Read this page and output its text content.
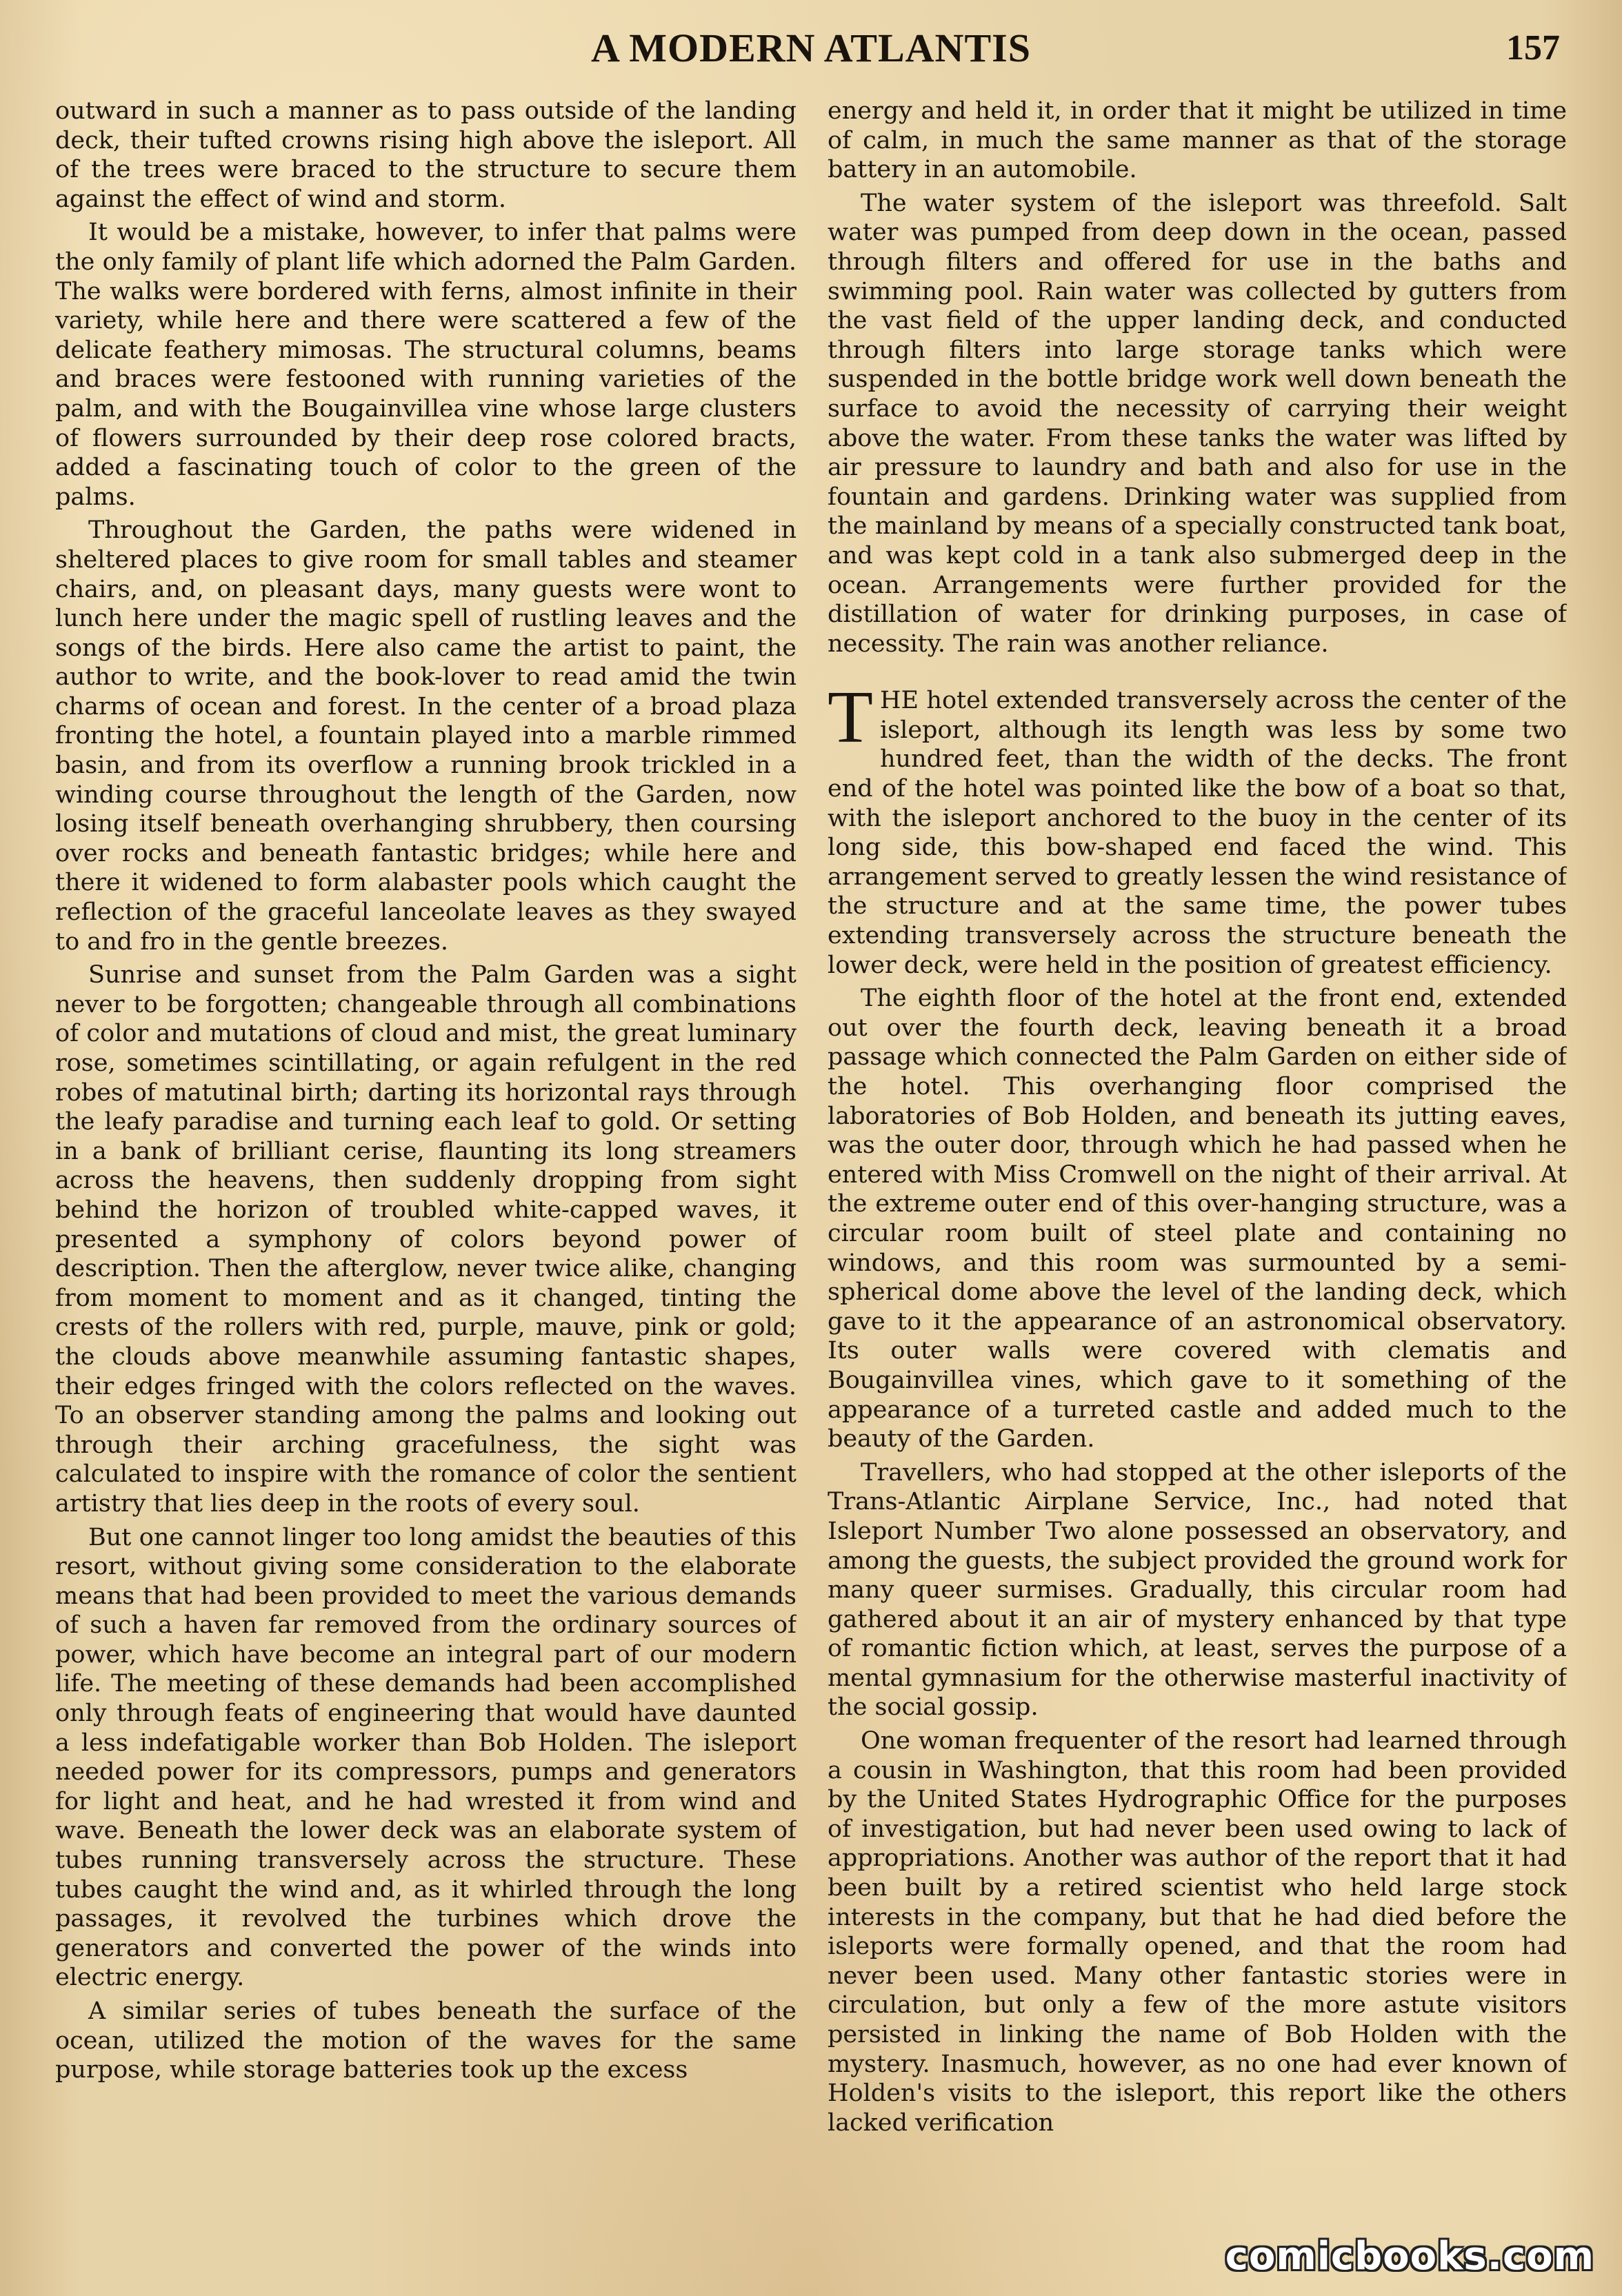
A MODERN ATLANTIS	157

outward in such a manner as to pass outside of the landing deck, their tufted crowns rising high above the isleport. All of the trees were braced to the structure to secure them against the effect of wind and storm.

It would be a mistake, however, to infer that palms were the only family of plant life which adorned the Palm Garden. The walks were bordered with ferns, almost infinite in their variety, while here and there were scattered a few of the delicate feathery mimosas. The structural columns, beams and braces were festooned with running varieties of the palm, and with the Bougainvillea vine whose large clusters of flowers surrounded by their deep rose colored bracts, added a fascinating touch of color to the green of the palms.

Throughout the Garden, the paths were widened in sheltered places to give room for small tables and steamer chairs, and, on pleasant days, many guests were wont to lunch here under the magic spell of rustling leaves and the songs of the birds. Here also came the artist to paint, the author to write, and the book-lover to read amid the twin charms of ocean and forest. In the center of a broad plaza fronting the hotel, a fountain played into a marble rimmed basin, and from its overflow a running brook trickled in a winding course throughout the length of the Garden, now losing itself beneath overhanging shrubbery, then coursing over rocks and beneath fantastic bridges; while here and there it widened to form alabaster pools which caught the reflection of the graceful lanceolate leaves as they swayed to and fro in the gentle breezes.

Sunrise and sunset from the Palm Garden was a sight never to be forgotten; changeable through all combinations of color and mutations of cloud and mist, the great luminary rose, sometimes scintillating, or again refulgent in the red robes of matutinal birth; darting its horizontal rays through the leafy paradise and turning each leaf to gold. Or setting in a bank of brilliant cerise, flaunting its long streamers across the heavens, then suddenly dropping from sight behind the horizon of troubled white-capped waves, it presented a symphony of colors beyond power of description. Then the afterglow, never twice alike, changing from moment to moment and as it changed, tinting the crests of the rollers with red, purple, mauve, pink or gold; the clouds above meanwhile assuming fantastic shapes, their edges fringed with the colors reflected on the waves. To an observer standing among the palms and looking out through their arching gracefulness, the sight was calculated to inspire with the romance of color the sentient artistry that lies deep in the roots of every soul.

But one cannot linger too long amidst the beauties of this resort, without giving some consideration to the elaborate means that had been provided to meet the various demands of such a haven far removed from the ordinary sources of power, which have become an integral part of our modern life. The meeting of these demands had been accomplished only through feats of engineering that would have daunted a less indefatigable worker than Bob Holden. The isleport needed power for its compressors, pumps and generators for light and heat, and he had wrested it from wind and wave. Beneath the lower deck was an elaborate system of tubes running transversely across the structure. These tubes caught the wind and, as it whirled through the long passages, it revolved the turbines which drove the generators and converted the power of the winds into electric energy.

A similar series of tubes beneath the surface of the ocean, utilized the motion of the waves for the same purpose, while storage batteries took up the excess

energy and held it, in order that it might be utilized in time of calm, in much the same manner as that of the storage battery in an automobile.

The water system of the isleport was threefold. Salt water was pumped from deep down in the ocean, passed through filters and offered for use in the baths and swimming pool. Rain water was collected by gutters from the vast field of the upper landing deck, and conducted through filters into large storage tanks which were suspended in the bottle bridge work well down beneath the surface to avoid the necessity of carrying their weight above the water. From these tanks the water was lifted by air pressure to laundry and bath and also for use in the fountain and gardens. Drinking water was supplied from the mainland by means of a specially constructed tank boat, and was kept cold in a tank also submerged deep in the ocean. Arrangements were further provided for the distillation of water for drinking purposes, in case of necessity. The rain was another reliance.

THE hotel extended transversely across the center of the isleport, although its length was less by some two hundred feet, than the width of the decks. The front end of the hotel was pointed like the bow of a boat so that, with the isleport anchored to the buoy in the center of its long side, this bow-shaped end faced the wind. This arrangement served to greatly lessen the wind resistance of the structure and at the same time, the power tubes extending transversely across the structure beneath the lower deck, were held in the position of greatest efficiency.

The eighth floor of the hotel at the front end, extended out over the fourth deck, leaving beneath it a broad passage which connected the Palm Garden on either side of the hotel. This overhanging floor comprised the laboratories of Bob Holden, and beneath its jutting eaves, was the outer door, through which he had passed when he entered with Miss Cromwell on the night of their arrival. At the extreme outer end of this over-hanging structure, was a circular room built of steel plate and containing no windows, and this room was surmounted by a semi-spherical dome above the level of the landing deck, which gave to it the appearance of an astronomical observatory. Its outer walls were covered with clematis and Bougainvillea vines, which gave to it something of the appearance of a turreted castle and added much to the beauty of the Garden.

Travellers, who had stopped at the other isleports of the Trans-Atlantic Airplane Service, Inc., had noted that Isleport Number Two alone possessed an observatory, and among the guests, the subject provided the ground work for many queer surmises. Gradually, this circular room had gathered about it an air of mystery enhanced by that type of romantic fiction which, at least, serves the purpose of a mental gymnasium for the otherwise masterful inactivity of the social gossip.

One woman frequenter of the resort had learned through a cousin in Washington, that this room had been provided by the United States Hydrographic Office for the purposes of investigation, but had never been used owing to lack of appropriations. Another was author of the report that it had been built by a retired scientist who held large stock interests in the company, but that he had died before the isleports were formally opened, and that the room had never been used. Many other fantastic stories were in circulation, but only a few of the more astute visitors persisted in linking the name of Bob Holden with the mystery. Inasmuch, however, as no one had ever known of Holden's visits to the isleport, this report like the others lacked verification

comicbooks.com
